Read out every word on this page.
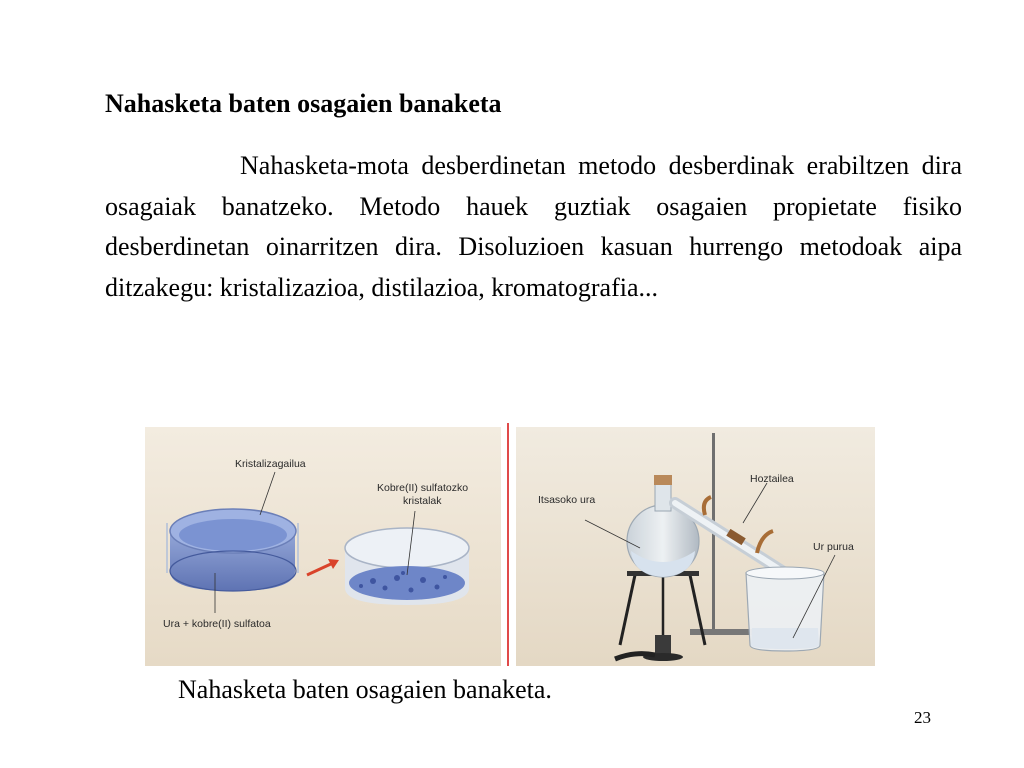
Nahasketa baten osagaien banaketa
Nahasketa-mota desberdinetan metodo desberdinak erabiltzen dira osagaiak banatzeko. Metodo hauek guztiak osagaien propietate fisiko desberdinetan oinarritzen dira. Disoluzioen kasuan hurrengo metodoak aipa ditzakegu: kristalizazioa, distilazioa, kromatografia...
Kristalizagailua
Kobre(II) sulfatozko
kristalak
Ura + kobre(II) sulfatoa
Itsasoko ura
Hoztailea
Ur purua
Nahasketa baten osagaien banaketa.
23
